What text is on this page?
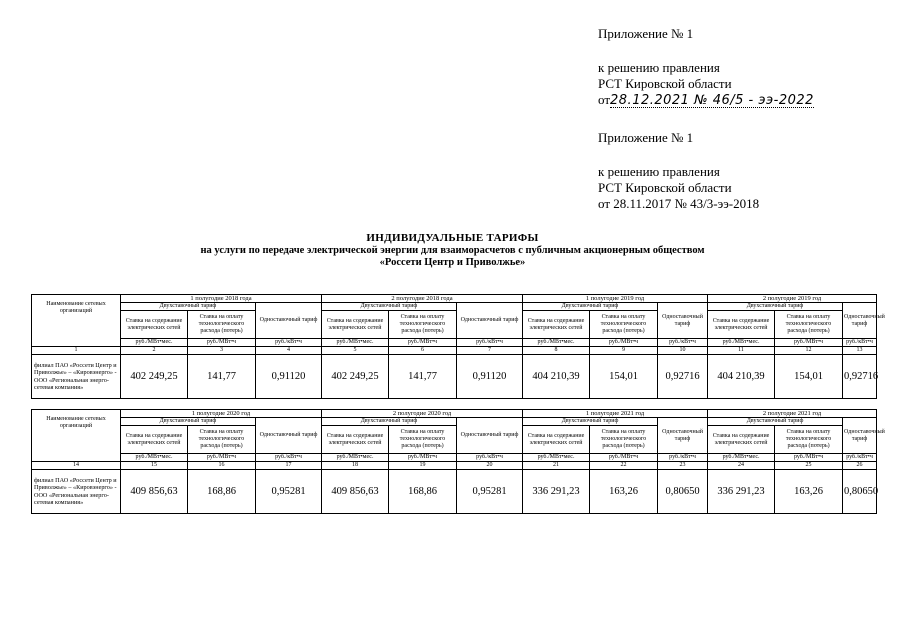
Приложение № 1
к решению правления
РСТ Кировской области
от28.12.2021 № 46/5 - ээ-2022
Приложение № 1
к решению правления
РСТ Кировской области
от 28.11.2017 № 43/3-ээ-2018
ИНДИВИДУАЛЬНЫЕ ТАРИФЫ
на услуги по передаче электрической энергии для взаиморасчетов с публичным акционерным обществом
«Россети Центр и Приволжье»
Наименование сетевых организаций	1 полугодие 2018 года			2 полугодие 2018 года			1 полугодие 2019 год			2 полугодие 2019 год		
	Двухставочный тариф		Одноставочный тариф	Двухставочный тариф		Одноставочный тариф	Двухставочный тариф		Одноставочный тариф	Двухставочный тариф		Одноставочный тариф
	Ставка на содержание электрических сетей	Ставка на оплату технологического расхода (потерь)		Ставка на содержание электрических сетей	Ставка на оплату технологического расхода (потерь)		Ставка на содержание электрических сетей	Ставка на оплату технологического расхода (потерь)		Ставка на содержание электрических сетей	Ставка на оплату технологического расхода (потерь)	
	руб./МВт•мес.	руб./МВт•ч	руб./кВт•ч	руб./МВт•мес.	руб./МВт•ч	руб./кВт•ч	руб./МВт•мес.	руб./МВт•ч	руб./кВт•ч	руб./МВт•мес.	руб./МВт•ч	руб./кВт•ч
1	2	3	4	5	6	7	8	9	10	11	12	13
филиал ПАО «Россети Центр и Приволжье» – «Кировэнерго» - ООО «Региональная энерго-сетевая компания»	402 249,25	141,77	0,91120	402 249,25	141,77	0,91120	404 210,39	154,01	0,92716	404 210,39	154,01	0,92716
Наименование сетевых организаций	1 полугодие 2020 год			2 полугодие 2020 год			1 полугодие 2021 год			2 полугодие 2021 год		
	Двухставочный тариф		Одноставочный тариф	Двухставочный тариф		Одноставочный тариф	Двухставочный тариф		Одноставочный тариф	Двухставочный тариф		Одноставочный тариф
	Ставка на содержание электрических сетей	Ставка на оплату технологического расхода (потерь)		Ставка на содержание электрических сетей	Ставка на оплату технологического расхода (потерь)		Ставка на содержание электрических сетей	Ставка на оплату технологического расхода (потерь)		Ставка на содержание электрических сетей	Ставка на оплату технологического расхода (потерь)	
	руб./МВт•мес.	руб./МВт•ч	руб./кВт•ч	руб./МВт•мес.	руб./МВт•ч	руб./кВт•ч	руб./МВт•мес.	руб./МВт•ч	руб./кВт•ч	руб./МВт•мес.	руб./МВт•ч	руб./кВт•ч
14	15	16	17	18	19	20	21	22	23	24	25	26
филиал ПАО «Россети Центр и Приволжье» – «Кировэнерго» - ООО «Региональная энерго-сетевая компания»	409 856,63	168,86	0,95281	409 856,63	168,86	0,95281	336 291,23	163,26	0,80650	336 291,23	163,26	0,80650
